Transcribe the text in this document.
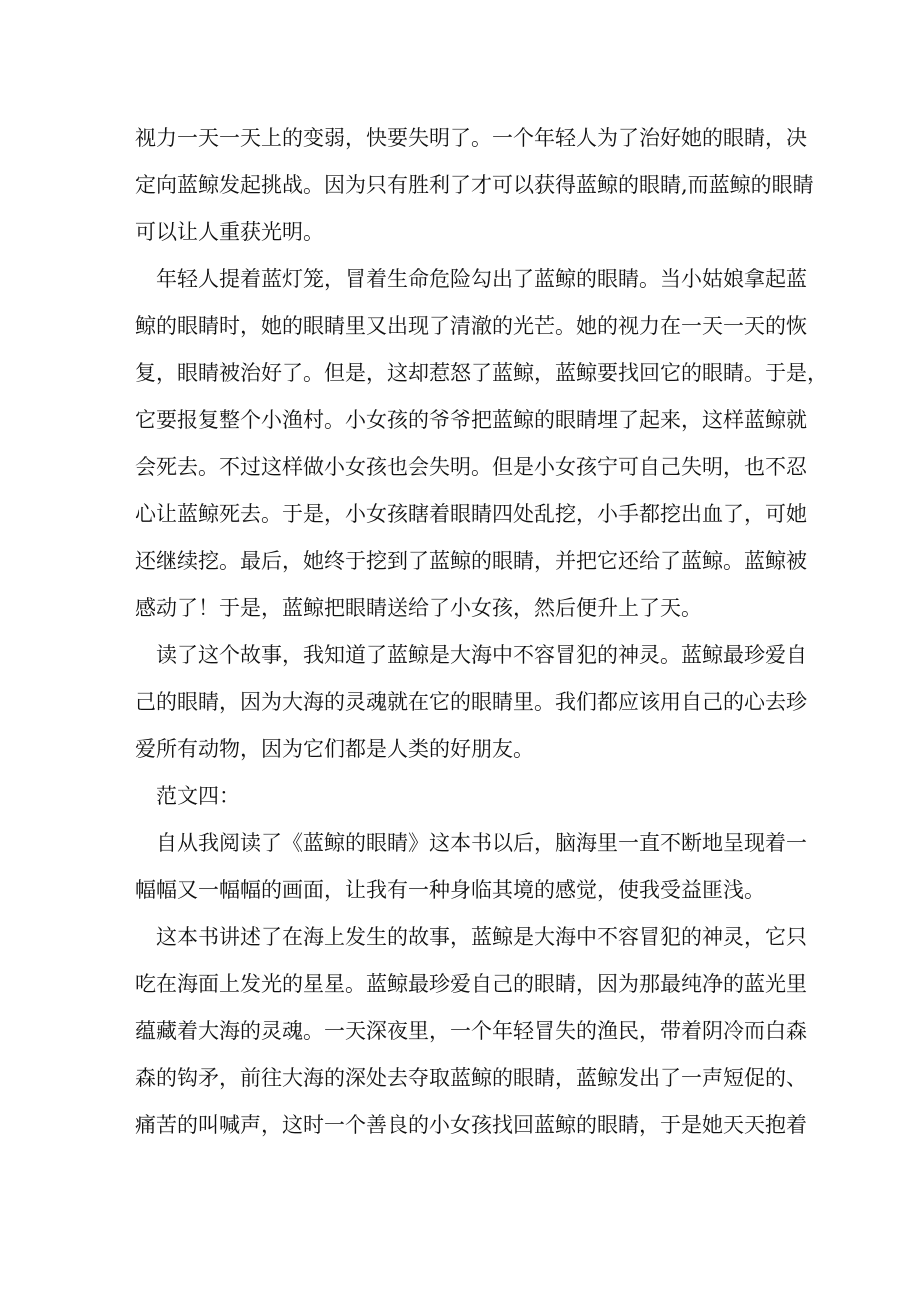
视力一天一天上的变弱，快要失明了。一个年轻人为了治好她的眼睛，决
定向蓝鲸发起挑战。因为只有胜利了才可以获得蓝鲸的眼睛,而蓝鲸的眼睛
可以让人重获光明。
年轻人提着蓝灯笼，冒着生命危险勾出了蓝鲸的眼睛。当小姑娘拿起蓝
鲸的眼睛时，她的眼睛里又出现了清澈的光芒。她的视力在一天一天的恢
复，眼睛被治好了。但是，这却惹怒了蓝鲸，蓝鲸要找回它的眼睛。于是，
它要报复整个小渔村。小女孩的爷爷把蓝鲸的眼睛埋了起来，这样蓝鲸就
会死去。不过这样做小女孩也会失明。但是小女孩宁可自己失明，也不忍
心让蓝鲸死去。于是，小女孩瞎着眼睛四处乱挖，小手都挖出血了，可她
还继续挖。最后，她终于挖到了蓝鲸的眼睛，并把它还给了蓝鲸。蓝鲸被
感动了！于是，蓝鲸把眼睛送给了小女孩，然后便升上了天。
读了这个故事，我知道了蓝鲸是大海中不容冒犯的神灵。蓝鲸最珍爱自
己的眼睛，因为大海的灵魂就在它的眼睛里。我们都应该用自己的心去珍
爱所有动物，因为它们都是人类的好朋友。
范文四：
自从我阅读了《蓝鲸的眼睛》这本书以后，脑海里一直不断地呈现着一
幅幅又一幅幅的画面，让我有一种身临其境的感觉，使我受益匪浅。
这本书讲述了在海上发生的故事，蓝鲸是大海中不容冒犯的神灵，它只
吃在海面上发光的星星。蓝鲸最珍爱自己的眼睛，因为那最纯净的蓝光里
蕴藏着大海的灵魂。一天深夜里，一个年轻冒失的渔民，带着阴冷而白森
森的钩矛，前往大海的深处去夺取蓝鲸的眼睛，蓝鲸发出了一声短促的、
痛苦的叫喊声，这时一个善良的小女孩找回蓝鲸的眼睛，于是她天天抱着
